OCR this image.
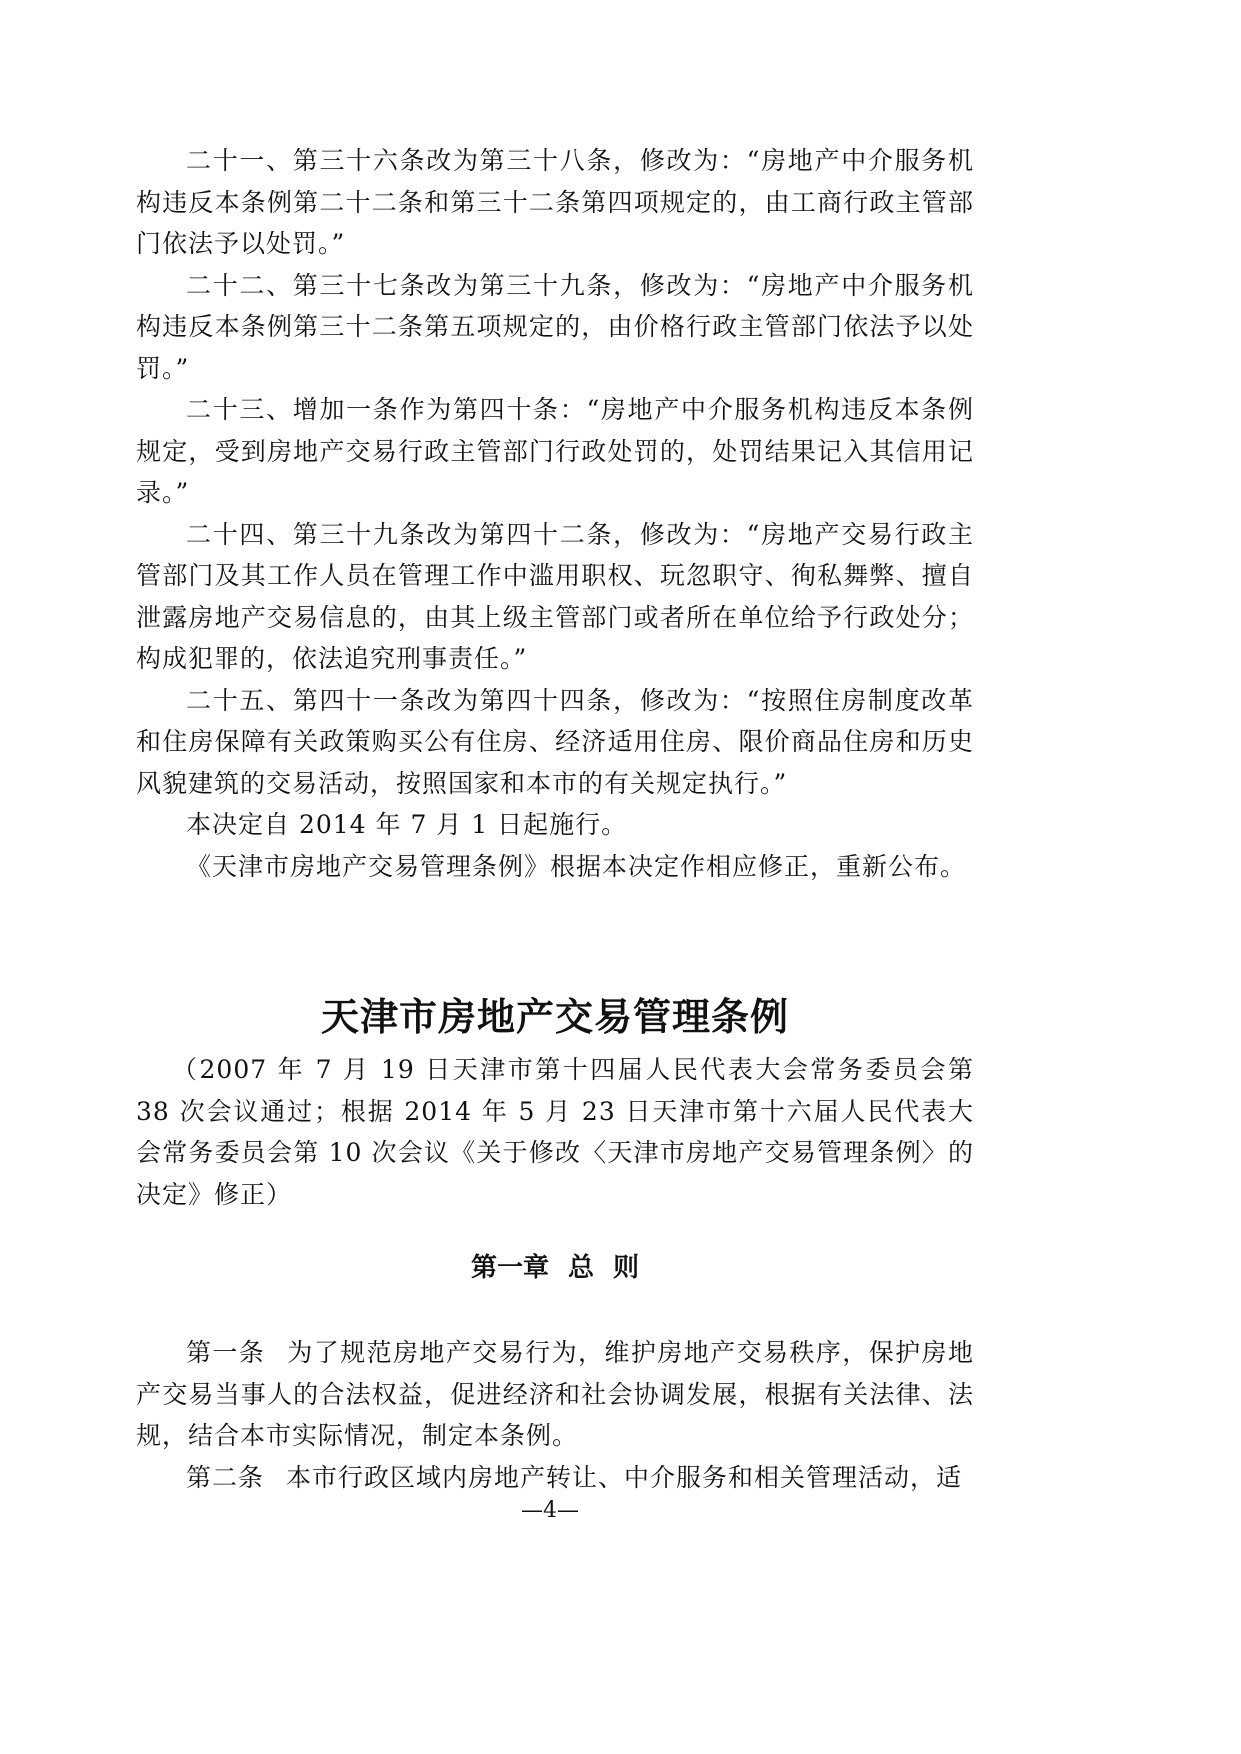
二十一、第三十六条改为第三十八条，修改为：“房地产中介服务机构违反本条例第二十二条和第三十二条第四项规定的，由工商行政主管部门依法予以处罚。”

二十二、第三十七条改为第三十九条，修改为：“房地产中介服务机构违反本条例第三十二条第五项规定的，由价格行政主管部门依法予以处罚。”

二十三、增加一条作为第四十条：“房地产中介服务机构违反本条例规定，受到房地产交易行政主管部门行政处罚的，处罚结果记入其信用记录。”

二十四、第三十九条改为第四十二条，修改为：“房地产交易行政主管部门及其工作人员在管理工作中滥用职权、玩忽职守、徇私舞弊、擅自泄露房地产交易信息的，由其上级主管部门或者所在单位给予行政处分；构成犯罪的，依法追究刑事责任。”

二十五、第四十一条改为第四十四条，修改为：“按照住房制度改革和住房保障有关政策购买公有住房、经济适用住房、限价商品住房和历史风貌建筑的交易活动，按照国家和本市的有关规定执行。”

本决定自 2014 年 7 月 1 日起施行。

《天津市房地产交易管理条例》根据本决定作相应修正，重新公布。

天津市房地产交易管理条例

（2007 年 7 月 19 日天津市第十四届人民代表大会常务委员会第 38 次会议通过；根据 2014 年 5 月 23 日天津市第十六届人民代表大会常务委员会第 10 次会议《关于修改〈天津市房地产交易管理条例〉的决定》修正）

第一章 总 则

第一条 为了规范房地产交易行为，维护房地产交易秩序，保护房地产交易当事人的合法权益，促进经济和社会协调发展，根据有关法律、法规，结合本市实际情况，制定本条例。

第二条 本市行政区域内房地产转让、中介服务和相关管理活动，适

—4—
